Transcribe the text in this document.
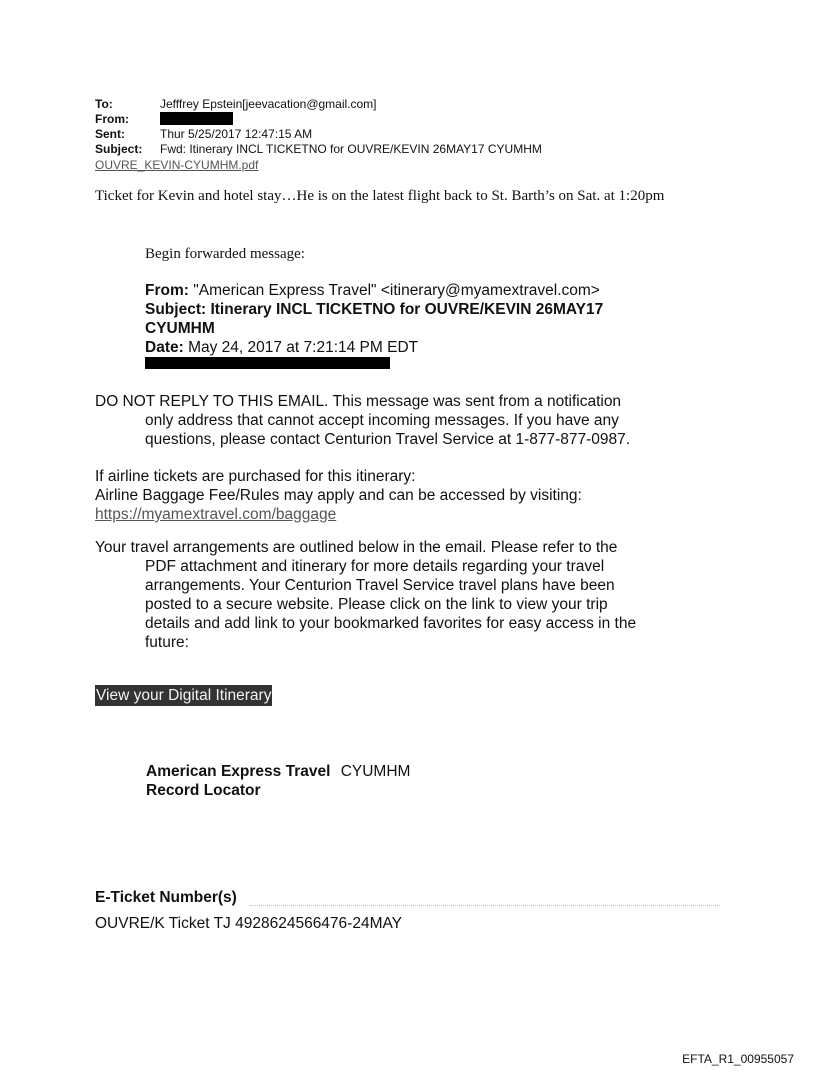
To:	Jefffrey Epstein[jeevacation@gmail.com]
From:
Sent:	Thur 5/25/2017 12:47:15 AM
Subject: Fwd: Itinerary INCL TICKETNO for OUVRE/KEVIN 26MAY17 CYUMHM
OUVRE_KEVIN-CYUMHM.pdf
Ticket for Kevin and hotel stay…He is on the latest flight back to St. Barth’s on Sat. at 1:20pm
Begin forwarded message:
From: "American Express Travel" <itinerary@myamextravel.com>
Subject: Itinerary INCL TICKETNO for OUVRE/KEVIN 26MAY17 CYUMHM
Date: May 24, 2017 at 7:21:14 PM EDT
DO NOT REPLY TO THIS EMAIL. This message was sent from a notification
only address that cannot accept incoming messages. If you have any
questions, please contact Centurion Travel Service at 1-877-877-0987.
If airline tickets are purchased for this itinerary:
Airline Baggage Fee/Rules may apply and can be accessed by visiting:
https://myamextravel.com/baggage
Your travel arrangements are outlined below in the email. Please refer to the
PDF attachment and itinerary for more details regarding your travel
arrangements. Your Centurion Travel Service travel plans have been
posted to a secure website. Please click on the link to view your trip
details and add link to your bookmarked favorites for easy access in the
future:
View your Digital Itinerary
American Express Travel CYUMHM
Record Locator
E-Ticket Number(s)
OUVRE/K Ticket TJ 4928624566476-24MAY
EFTA_R1_00955057
